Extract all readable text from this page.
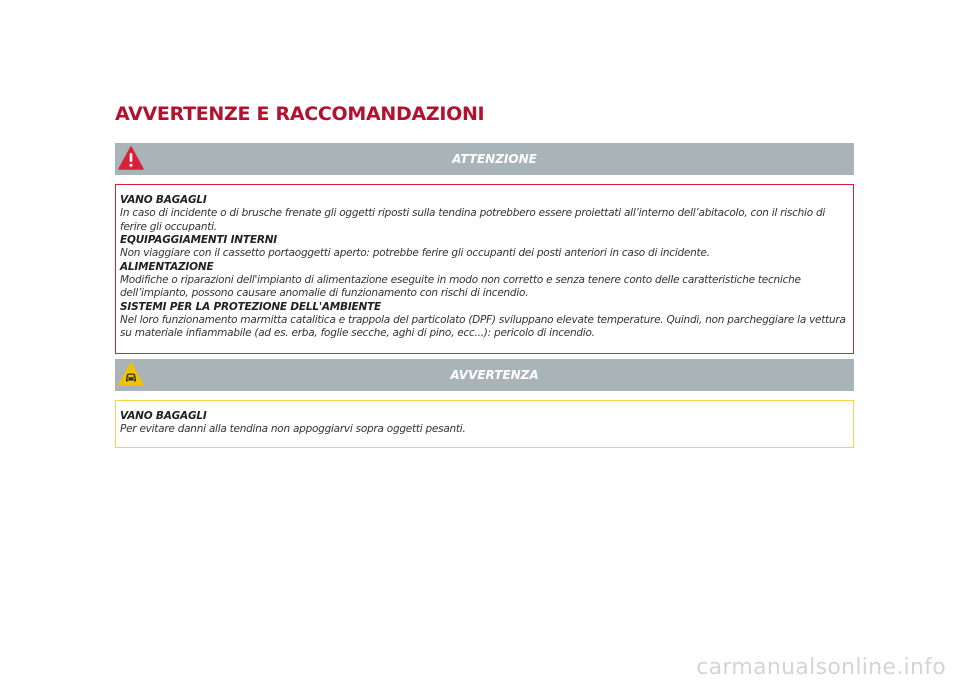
AVVERTENZE E RACCOMANDAZIONI
ATTENZIONE
VANO BAGAGLI
In caso di incidente o di brusche frenate gli oggetti riposti sulla tendina potrebbero essere proiettati all’interno dell’abitacolo, con il rischio di ferire gli occupanti.
EQUIPAGGIAMENTI INTERNI
Non viaggiare con il cassetto portaoggetti aperto: potrebbe ferire gli occupanti dei posti anteriori in caso di incidente.
ALIMENTAZIONE
Modifiche o riparazioni dell'impianto di alimentazione eseguite in modo non corretto e senza tenere conto delle caratteristiche tecniche dell’impianto, possono causare anomalie di funzionamento con rischi di incendio.
SISTEMI PER LA PROTEZIONE DELL'AMBIENTE
Nel loro funzionamento marmitta catalitica e trappola del particolato (DPF) sviluppano elevate temperature. Quindi, non parcheggiare la vettura su materiale infiammabile (ad es. erba, foglie secche, aghi di pino, ecc...): pericolo di incendio.
AVVERTENZA
VANO BAGAGLI
Per evitare danni alla tendina non appoggiarvi sopra oggetti pesanti.
carmanualsonline.info
